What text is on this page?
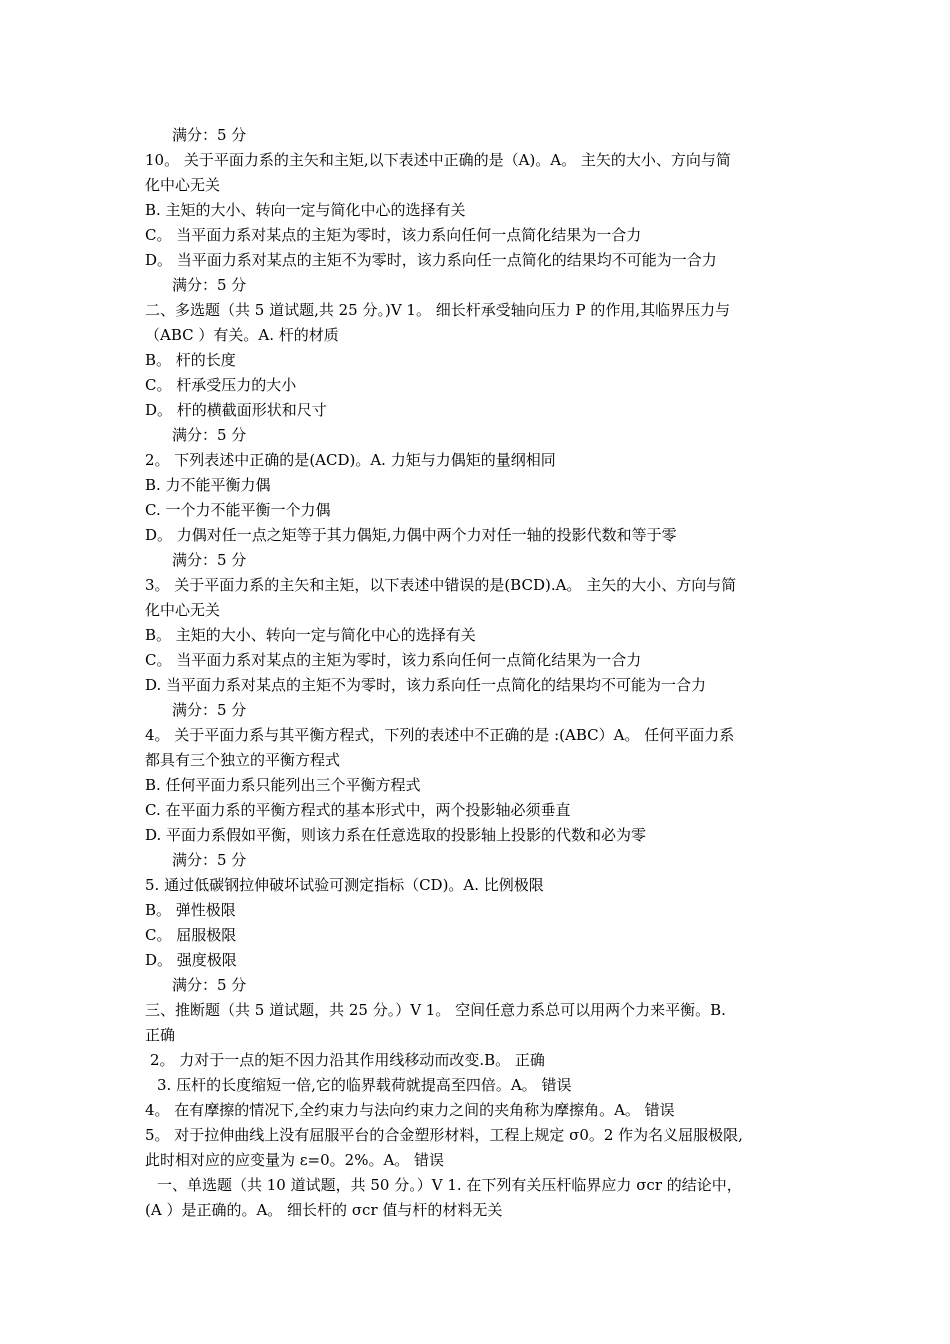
满分：5 分
10。 关于平面力系的主矢和主矩,以下表述中正确的是（A)。A。 主矢的大小、方向与简
化中心无关
B. 主矩的大小、转向一定与简化中心的选择有关
C。 当平面力系对某点的主矩为零时，该力系向任何一点简化结果为一合力
D。 当平面力系对某点的主矩不为零时，该力系向任一点简化的结果均不可能为一合力
满分：5 分
二、多选题（共 5 道试题,共 25 分。)V 1。 细长杆承受轴向压力 P 的作用,其临界压力与
（ABC ）有关。A. 杆的材质
B。 杆的长度
C。 杆承受压力的大小
D。 杆的横截面形状和尺寸
满分：5 分
2。 下列表述中正确的是(ACD)。A. 力矩与力偶矩的量纲相同
B. 力不能平衡力偶
C. 一个力不能平衡一个力偶
D。 力偶对任一点之矩等于其力偶矩,力偶中两个力对任一轴的投影代数和等于零
满分：5 分
3。 关于平面力系的主矢和主矩，以下表述中错误的是(BCD).A。 主矢的大小、方向与简
化中心无关
B。 主矩的大小、转向一定与简化中心的选择有关
C。 当平面力系对某点的主矩为零时，该力系向任何一点简化结果为一合力
D. 当平面力系对某点的主矩不为零时，该力系向任一点简化的结果均不可能为一合力
满分：5 分
4。 关于平面力系与其平衡方程式，下列的表述中不正确的是 :(ABC）A。 任何平面力系
都具有三个独立的平衡方程式
B. 任何平面力系只能列出三个平衡方程式
C. 在平面力系的平衡方程式的基本形式中，两个投影轴必须垂直
D. 平面力系假如平衡，则该力系在任意选取的投影轴上投影的代数和必为零
满分：5 分
5. 通过低碳钢拉伸破坏试验可测定指标（CD)。A. 比例极限
B。 弹性极限
C。 屈服极限
D。 强度极限
满分：5 分
三、推断题（共 5 道试题，共 25 分。）V 1。 空间任意力系总可以用两个力来平衡。B.
正确
2。 力对于一点的矩不因力沿其作用线移动而改变.B。 正确
3. 压杆的长度缩短一倍,它的临界载荷就提高至四倍。A。 错误
4。 在有摩擦的情况下,全约束力与法向约束力之间的夹角称为摩擦角。A。 错误
5。 对于拉伸曲线上没有屈服平台的合金塑形材料，工程上规定 σ0。2 作为名义屈服极限,
此时相对应的应变量为 ε=0。2%。A。 错误
一、单选题（共 10 道试题，共 50 分。）V 1. 在下列有关压杆临界应力 σcr 的结论中，
(A ）是正确的。A。 细长杆的 σcr 值与杆的材料无关
